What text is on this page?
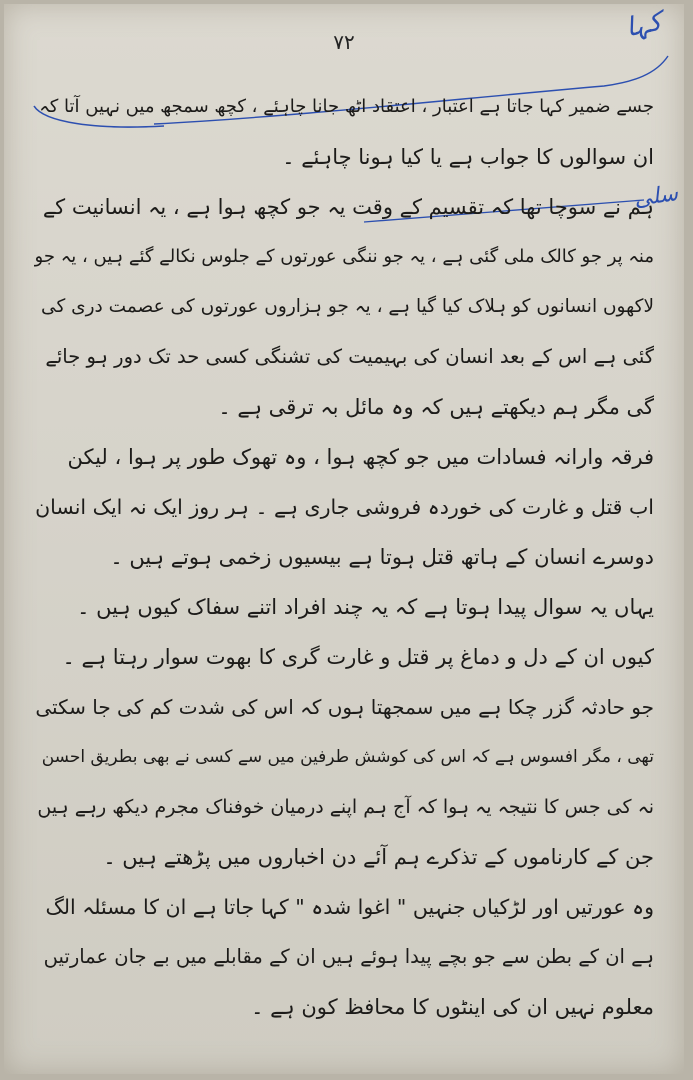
۷۲	کہا
سلی

جسے ضمیر کہا جاتا ہے اعتبار ، اعتقاد اٹھ جانا چاہئے ، کچھ سمجھ میں نہیں آتا کہ
ان سوالوں کا جواب ہے یا کیا ہونا چاہئے ۔

ہم نے سوچا تھا کہ تقسیم کے وقت یہ جو کچھ ہوا ہے ، یہ انسانیت کے
منہ پر جو کالک ملی گئی ہے ، یہ جو ننگی عورتوں کے جلوس نکالے گئے ہیں ، یہ جو
لاکھوں انسانوں کو ہلاک کیا گیا ہے ، یہ جو ہزاروں عورتوں کی عصمت دری کی
گئی ہے اس کے بعد انسان کی بہیمیت کی تشنگی کسی حد تک دور ہو جائے
گی مگر ہم دیکھتے ہیں کہ وہ مائل بہ ترقی ہے ۔

فرقہ وارانہ فسادات میں جو کچھ ہوا ، وہ تھوک طور پر ہوا ، لیکن
اب قتل و غارت کی خوردہ فروشی جاری ہے ۔ ہر روز ایک نہ ایک انسان
دوسرے انسان کے ہاتھ قتل ہوتا ہے بیسیوں زخمی ہوتے ہیں ۔

یہاں یہ سوال پیدا ہوتا ہے کہ یہ چند افراد اتنے سفاک کیوں ہیں ۔
کیوں ان کے دل و دماغ پر قتل و غارت گری کا بھوت سوار رہتا ہے ۔

جو حادثہ گزر چکا ہے میں سمجھتا ہوں کہ اس کی شدت کم کی جا سکتی
تھی ، مگر افسوس ہے کہ اس کی کوشش طرفین میں سے کسی نے بھی بطریق احسن
نہ کی جس کا نتیجہ یہ ہوا کہ آج ہم اپنے درمیان خوفناک مجرم دیکھ رہے ہیں
جن کے کارناموں کے تذکرے ہم آئے دن اخباروں میں پڑھتے ہیں ۔

وہ عورتیں اور لڑکیاں جنہیں " اغوا شدہ " کہا جاتا ہے ان کا مسئلہ الگ
ہے ان کے بطن سے جو بچے پیدا ہوئے ہیں ان کے مقابلے میں بے جان عمارتیں
معلوم نہیں ان کی اینٹوں کا محافظ کون ہے ۔
